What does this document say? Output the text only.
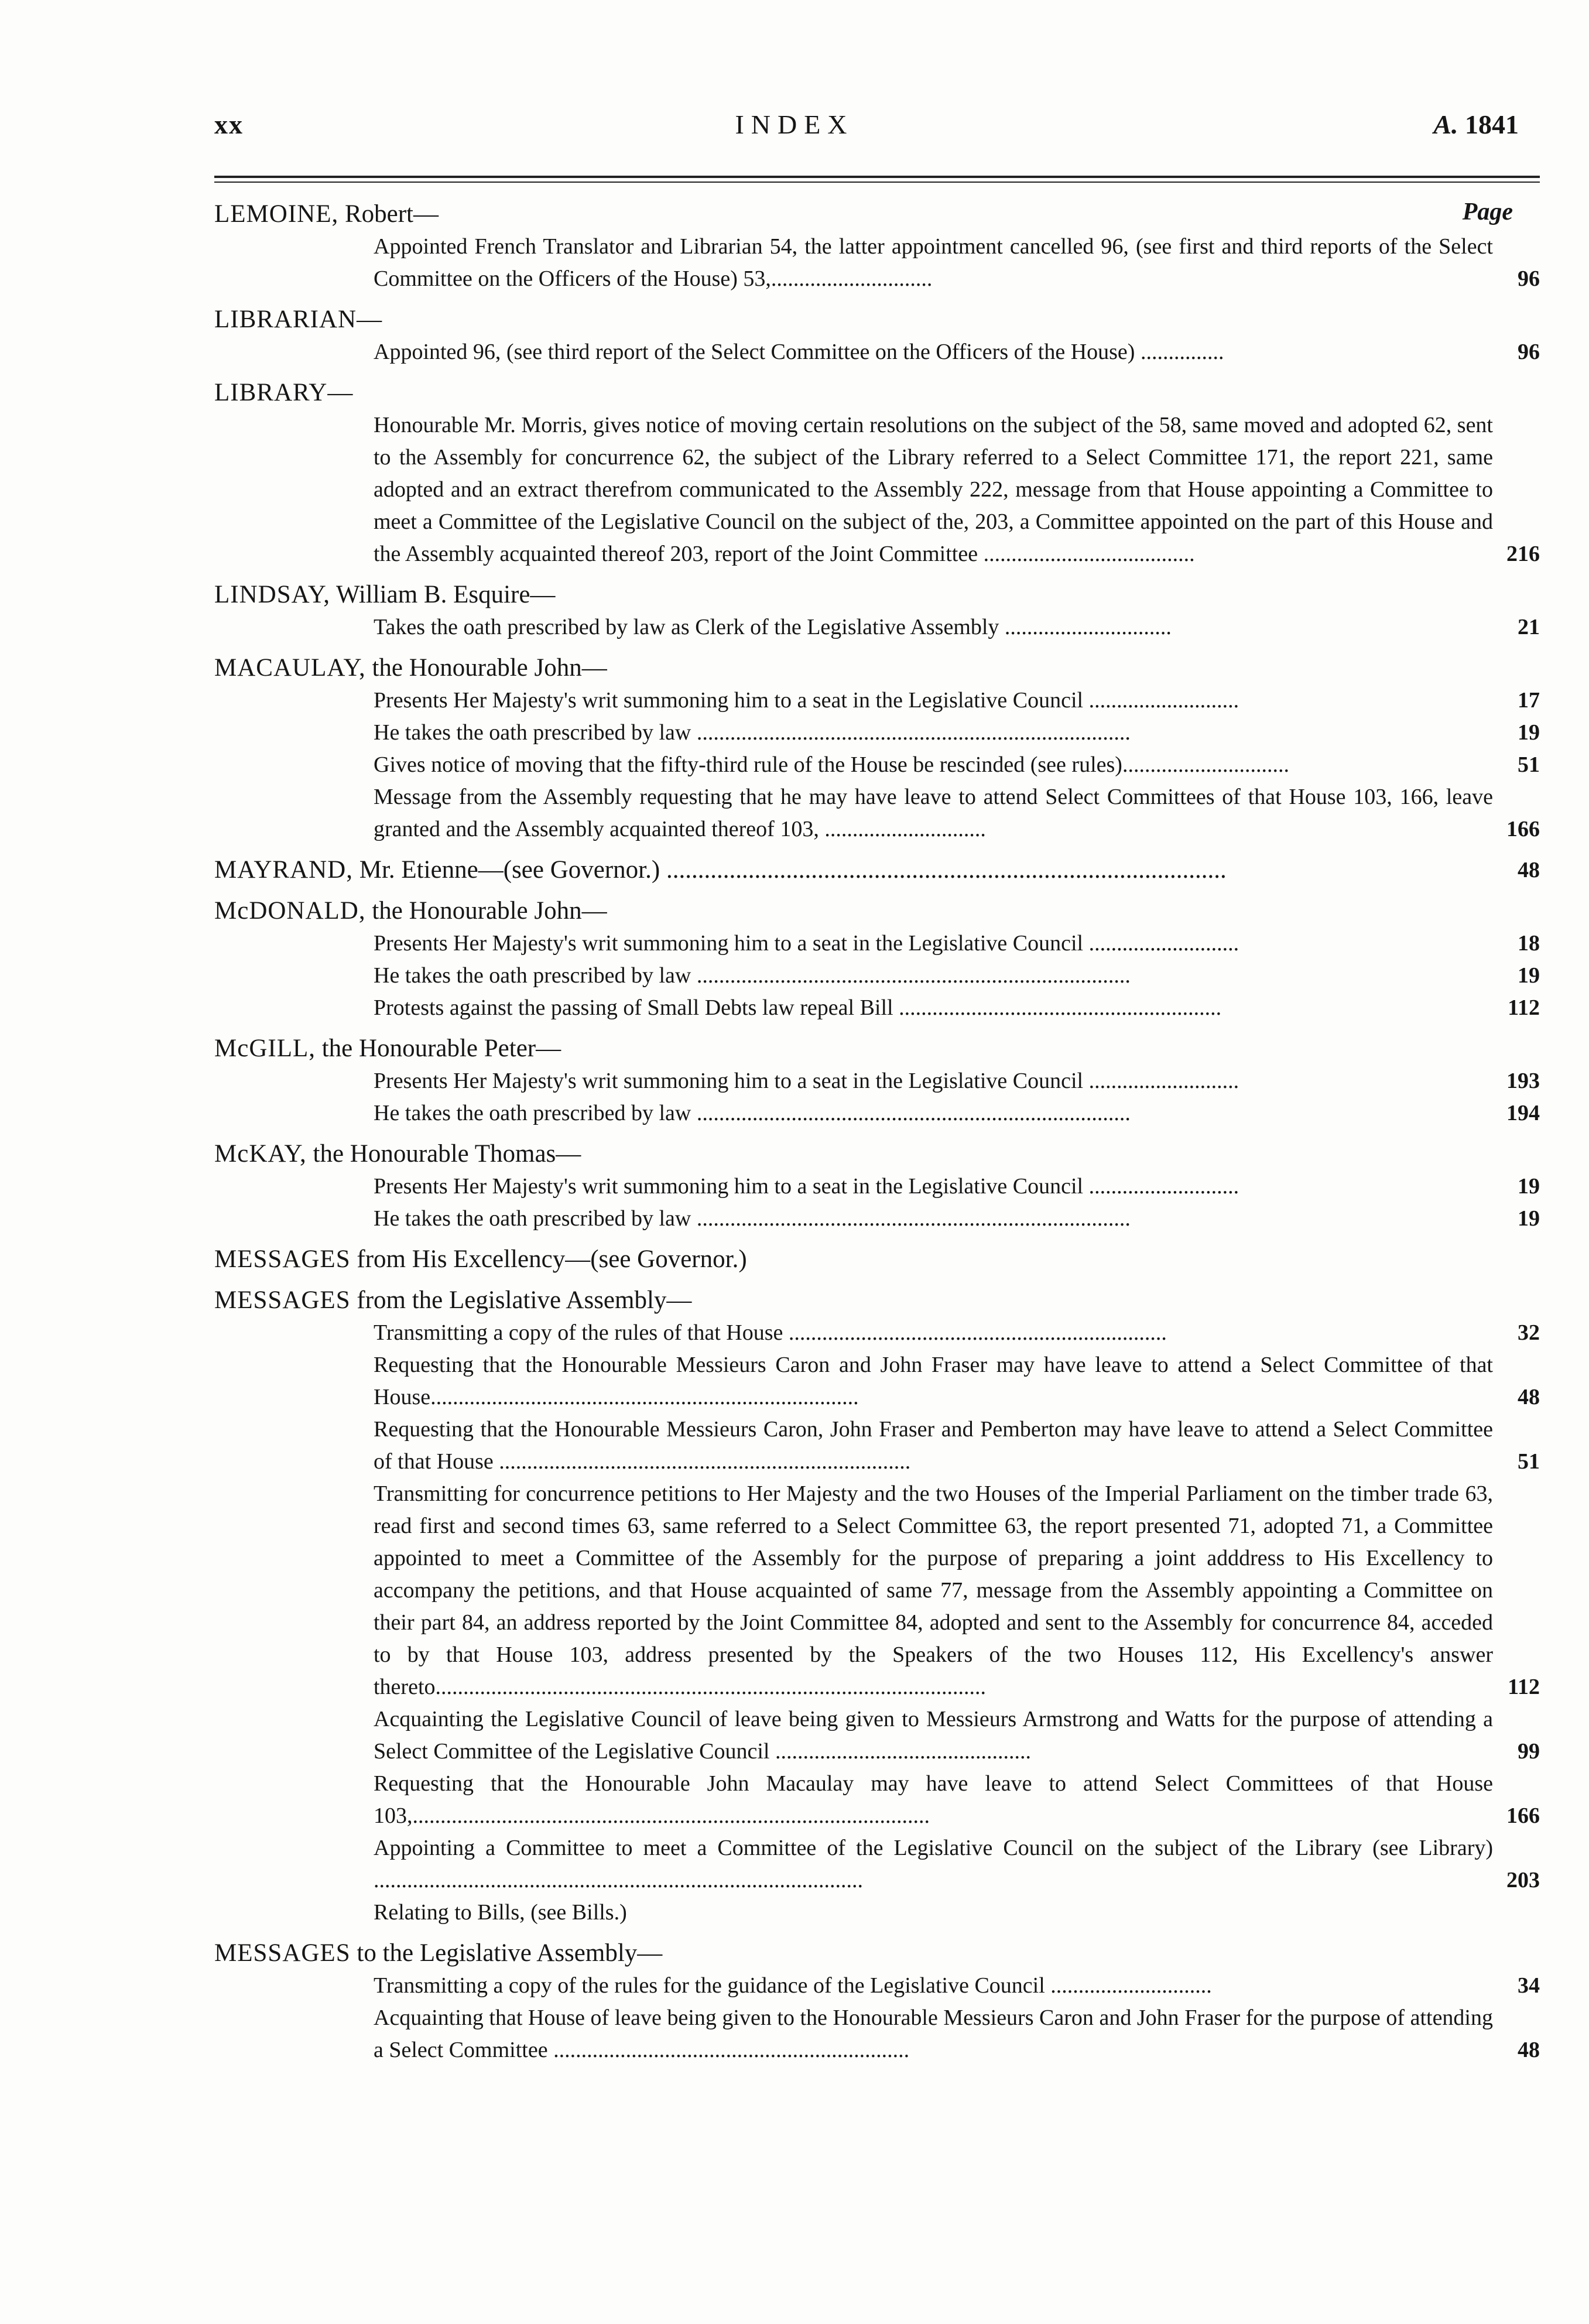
xx	INDEX	A. 1841
Page
LEMOINE, Robert—
Appointed French Translator and Librarian 54, the latter appointment cancelled 96, (see first and third reports of the Select Committee on the Officers of the House) 53,.............................	96
LIBRARIAN—
Appointed 96, (see third report of the Select Committee on the Officers of the House) ...............	96
LIBRARY—
Honourable Mr. Morris, gives notice of moving certain resolutions on the subject of the 58, same moved and adopted 62, sent to the Assembly for concurrence 62, the subject of the Library referred to a Select Committee 171, the report 221, same adopted and an extract therefrom communicated to the Assembly 222, message from that House appointing a Committee to meet a Committee of the Legislative Council on the subject of the, 203, a Committee appointed on the part of this House and the Assembly acquainted thereof 203, report of the Joint Committee ......................................	216
LINDSAY, William B. Esquire—
Takes the oath prescribed by law as Clerk of the Legislative Assembly ..............................	21
MACAULAY, the Honourable John—
Presents Her Majesty's writ summoning him to a seat in the Legislative Council ...........................	17
He takes the oath prescribed by law ..............................................................................	19
Gives notice of moving that the fifty-third rule of the House be rescinded (see rules)..............................	51
Message from the Assembly requesting that he may have leave to attend Select Committees of that House 103, 166, leave granted and the Assembly acquainted thereof 103, .............................	166
MAYRAND, Mr. Etienne—(see Governor.) .........................................................................................	48
McDONALD, the Honourable John—
Presents Her Majesty's writ summoning him to a seat in the Legislative Council ...........................	18
He takes the oath prescribed by law ..............................................................................	19
Protests against the passing of Small Debts law repeal Bill ..........................................................	112
McGILL, the Honourable Peter—
Presents Her Majesty's writ summoning him to a seat in the Legislative Council ...........................	193
He takes the oath prescribed by law ..............................................................................	194
McKAY, the Honourable Thomas—
Presents Her Majesty's writ summoning him to a seat in the Legislative Council ...........................	19
He takes the oath prescribed by law ..............................................................................	19
MESSAGES from His Excellency—(see Governor.)
MESSAGES from the Legislative Assembly—
Transmitting a copy of the rules of that House ....................................................................	32
Requesting that the Honourable Messieurs Caron and John Fraser may have leave to attend a Select Committee of that House.............................................................................	48
Requesting that the Honourable Messieurs Caron, John Fraser and Pemberton may have leave to attend a Select Committee of that House ..........................................................................	51
Transmitting for concurrence petitions to Her Majesty and the two Houses of the Imperial Parliament on the timber trade 63, read first and second times 63, same referred to a Select Committee 63, the report presented 71, adopted 71, a Committee appointed to meet a Committee of the Assembly for the purpose of preparing a joint adddress to His Excellency to accompany the petitions, and that House acquainted of same 77, message from the Assembly appointing a Committee on their part 84, an address reported by the Joint Committee 84, adopted and sent to the Assembly for concurrence 84, acceded to by that House 103, address presented by the Speakers of the two Houses 112, His Excellency's answer thereto...................................................................................................	112
Acquainting the Legislative Council of leave being given to Messieurs Armstrong and Watts for the purpose of attending a Select Committee of the Legislative Council ..............................................	99
Requesting that the Honourable John Macaulay may have leave to attend Select Committees of that House 103,.............................................................................................	166
Appointing a Committee to meet a Committee of the Legislative Council on the subject of the Library (see Library) ........................................................................................	203
Relating to Bills, (see Bills.)
MESSAGES to the Legislative Assembly—
Transmitting a copy of the rules for the guidance of the Legislative Council .............................	34
Acquainting that House of leave being given to the Honourable Messieurs Caron and John Fraser for the purpose of attending a Select Committee ................................................................	48
